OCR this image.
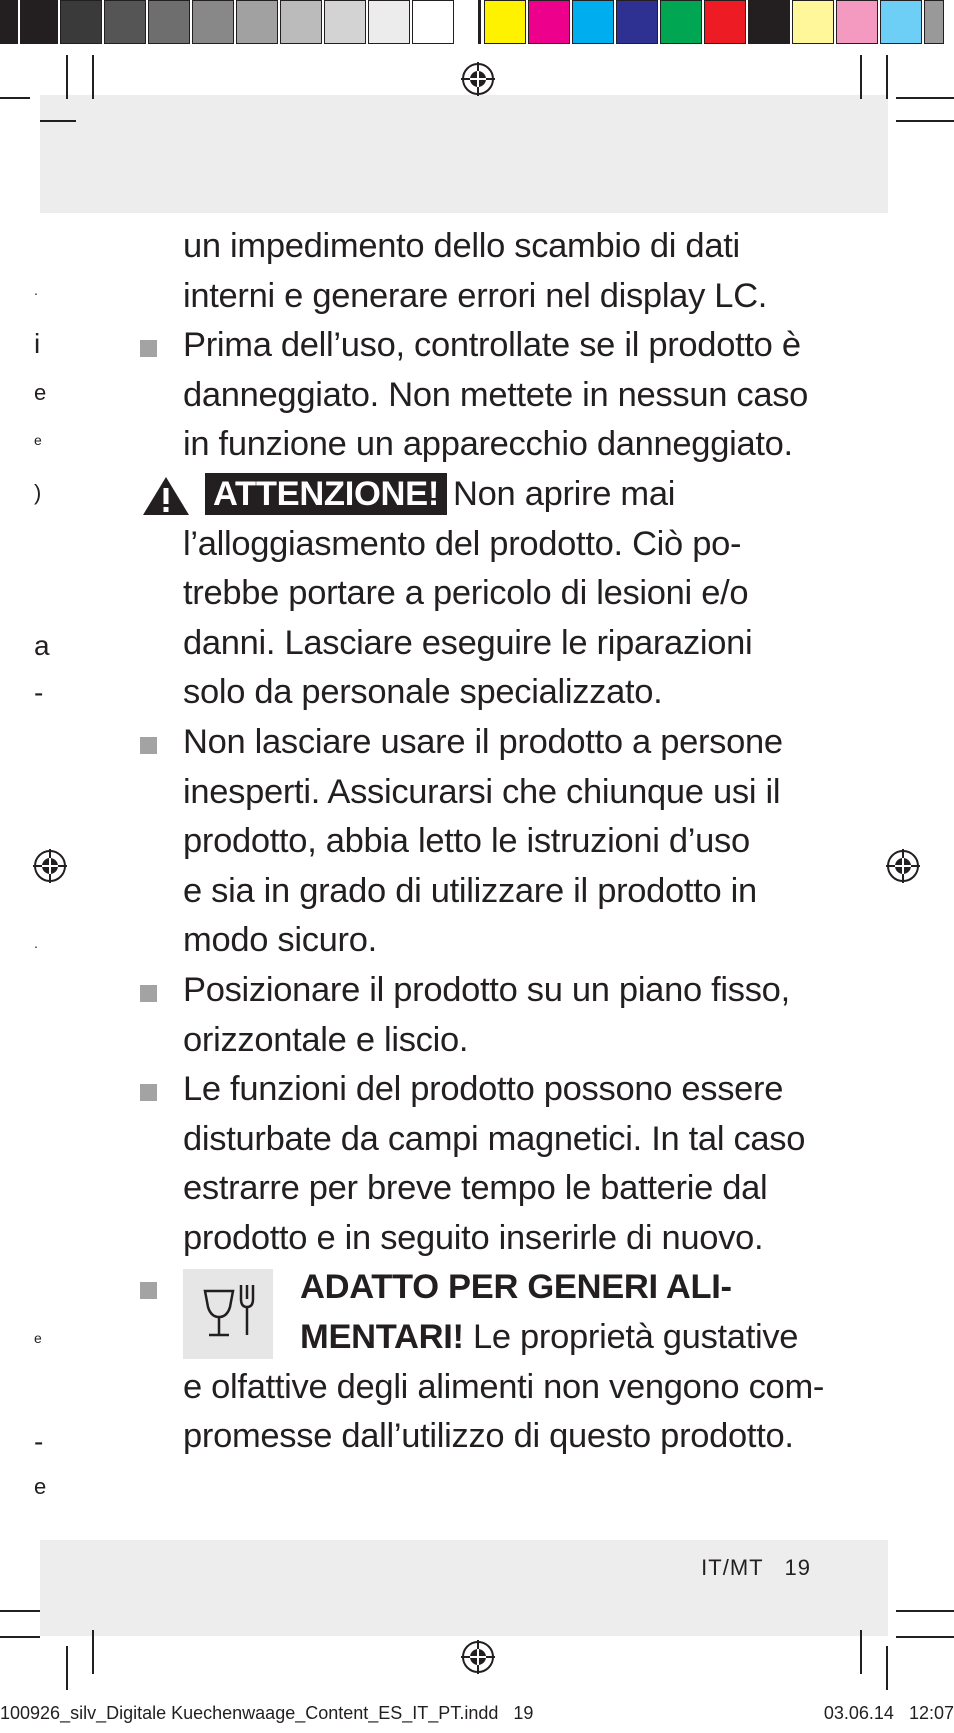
.
i
e
e
)
a
-
.
e
-
e
un impedimento dello scambio di dati
interni e generare errori nel display LC.
Prima dell’uso, controllate se il prodotto è
danneggiato. Non mettete in nessun caso
in funzione un apparecchio danneggiato.
ATTENZIONE! Non aprire mai
l’alloggiasmento del prodotto. Ciò po-
trebbe portare a pericolo di lesioni e/o
danni. Lasciare eseguire le riparazioni
solo da personale specializzato.
Non lasciare usare il prodotto a persone
inesperti. Assicurarsi che chiunque usi il
prodotto, abbia letto le istruzioni d’uso
e sia in grado di utilizzare il prodotto in
modo sicuro.
Posizionare il prodotto su un piano fisso,
orizzontale e liscio.
Le funzioni del prodotto possono essere
disturbate da campi magnetici. In tal caso
estrarre per breve tempo le batterie dal
prodotto e in seguito inserirle di nuovo.
ADATTO PER GENERI ALI-
MENTARI! Le proprietà gustative
e olfattive degli alimenti non vengono com-
promesse dall’utilizzo di questo prodotto.
IT/MT   19
100926_silv_Digitale Kuechenwaage_Content_ES_IT_PT.indd   19	03.06.14   12:07
